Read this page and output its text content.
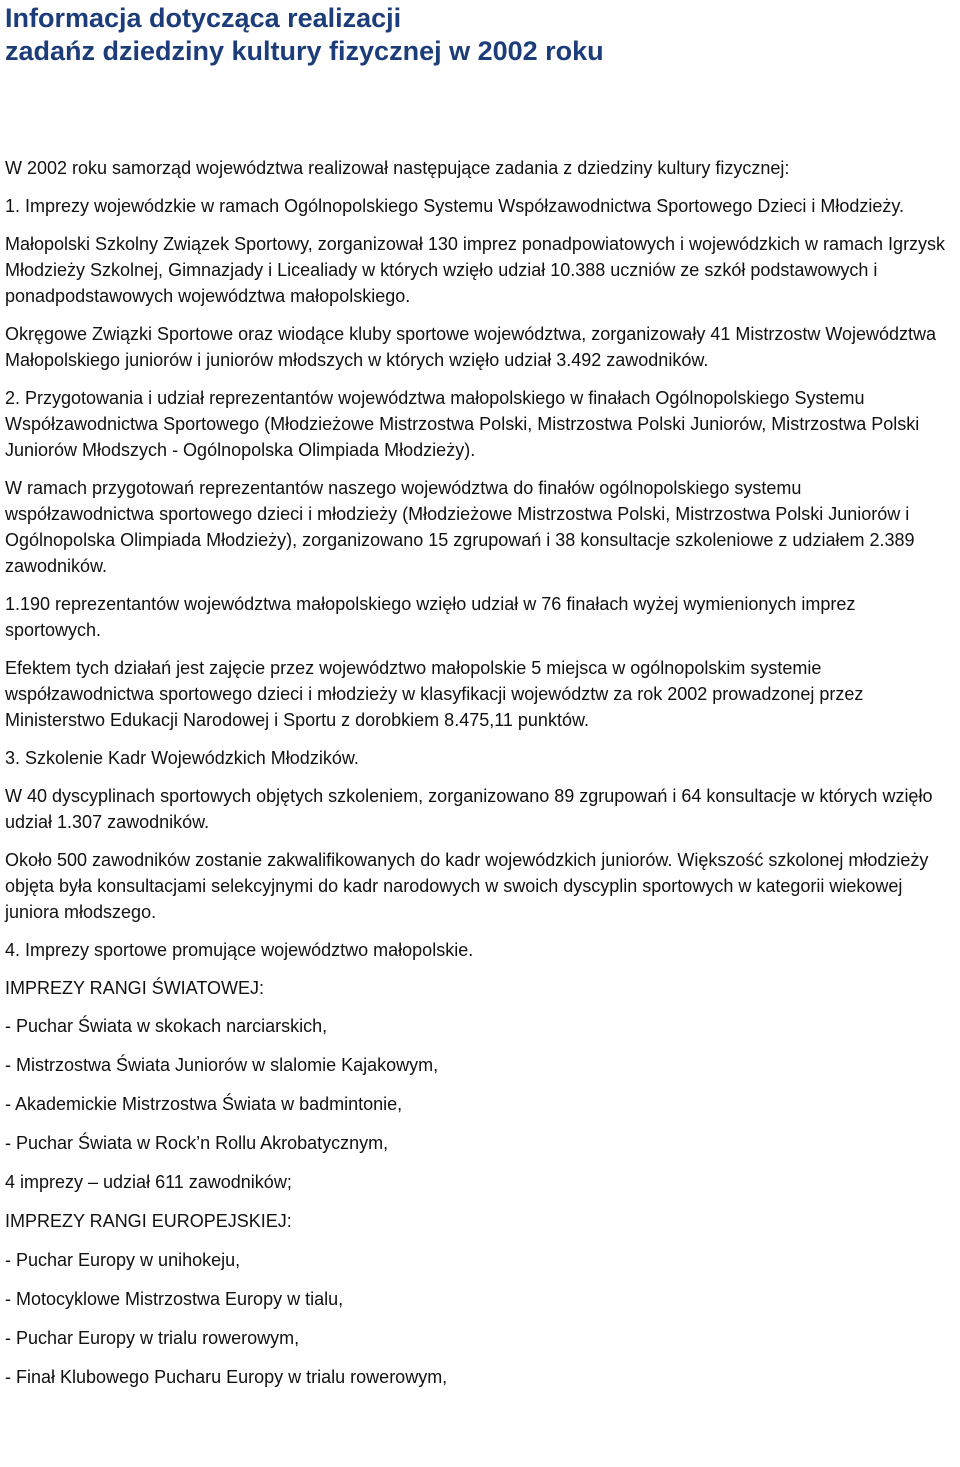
Informacja dotycząca realizacji
zadańz dziedziny kultury fizycznej w 2002 roku

W 2002 roku samorząd województwa realizował następujące zadania z dziedziny kultury fizycznej:

1. Imprezy wojewódzkie w ramach Ogólnopolskiego Systemu Współzawodnictwa Sportowego Dzieci i Młodzieży.

Małopolski Szkolny Związek Sportowy, zorganizował 130 imprez ponadpowiatowych i wojewódzkich w ramach Igrzysk Młodzieży Szkolnej, Gimnazjady i Licealiady w których wzięło udział 10.388 uczniów ze szkół podstawowych i ponadpodstawowych województwa małopolskiego.

Okręgowe Związki Sportowe oraz wiodące kluby sportowe województwa, zorganizowały 41 Mistrzostw Województwa Małopolskiego juniorów i juniorów młodszych w których wzięło udział 3.492 zawodników.

2. Przygotowania i udział reprezentantów województwa małopolskiego w finałach Ogólnopolskiego Systemu Współzawodnictwa Sportowego (Młodzieżowe Mistrzostwa Polski, Mistrzostwa Polski Juniorów, Mistrzostwa Polski Juniorów Młodszych - Ogólnopolska Olimpiada Młodzieży).

W ramach przygotowań reprezentantów naszego województwa do finałów ogólnopolskiego systemu współzawodnictwa sportowego dzieci i młodzieży (Młodzieżowe Mistrzostwa Polski, Mistrzostwa Polski Juniorów i Ogólnopolska Olimpiada Młodzieży), zorganizowano 15 zgrupowań i 38 konsultacje szkoleniowe z udziałem 2.389 zawodników.

1.190 reprezentantów województwa małopolskiego wzięło udział w 76 finałach wyżej wymienionych imprez sportowych.

Efektem tych działań jest zajęcie przez województwo małopolskie 5 miejsca w ogólnopolskim systemie współzawodnictwa sportowego dzieci i młodzieży w klasyfikacji województw za rok 2002 prowadzonej przez Ministerstwo Edukacji Narodowej i Sportu z dorobkiem 8.475,11 punktów.

3. Szkolenie Kadr Wojewódzkich Młodzików.

W 40 dyscyplinach sportowych objętych szkoleniem, zorganizowano 89 zgrupowań i 64 konsultacje w których wzięło udział 1.307 zawodników.

Około 500 zawodników zostanie zakwalifikowanych do kadr wojewódzkich juniorów. Większość szkolonej młodzieży objęta była konsultacjami selekcyjnymi do kadr narodowych w swoich dyscyplin sportowych w kategorii wiekowej juniora młodszego.

4. Imprezy sportowe promujące województwo małopolskie.

IMPREZY RANGI ŚWIATOWEJ:

- Puchar Świata w skokach narciarskich,

- Mistrzostwa Świata Juniorów w slalomie Kajakowym,

- Akademickie Mistrzostwa Świata w badmintonie,

- Puchar Świata w Rock’n Rollu Akrobatycznym,

4 imprezy – udział 611 zawodników;

IMPREZY RANGI EUROPEJSKIEJ:

- Puchar Europy w unihokeju,

- Motocyklowe Mistrzostwa Europy w tialu,

- Puchar Europy w trialu rowerowym,

- Finał Klubowego Pucharu Europy w trialu rowerowym,
